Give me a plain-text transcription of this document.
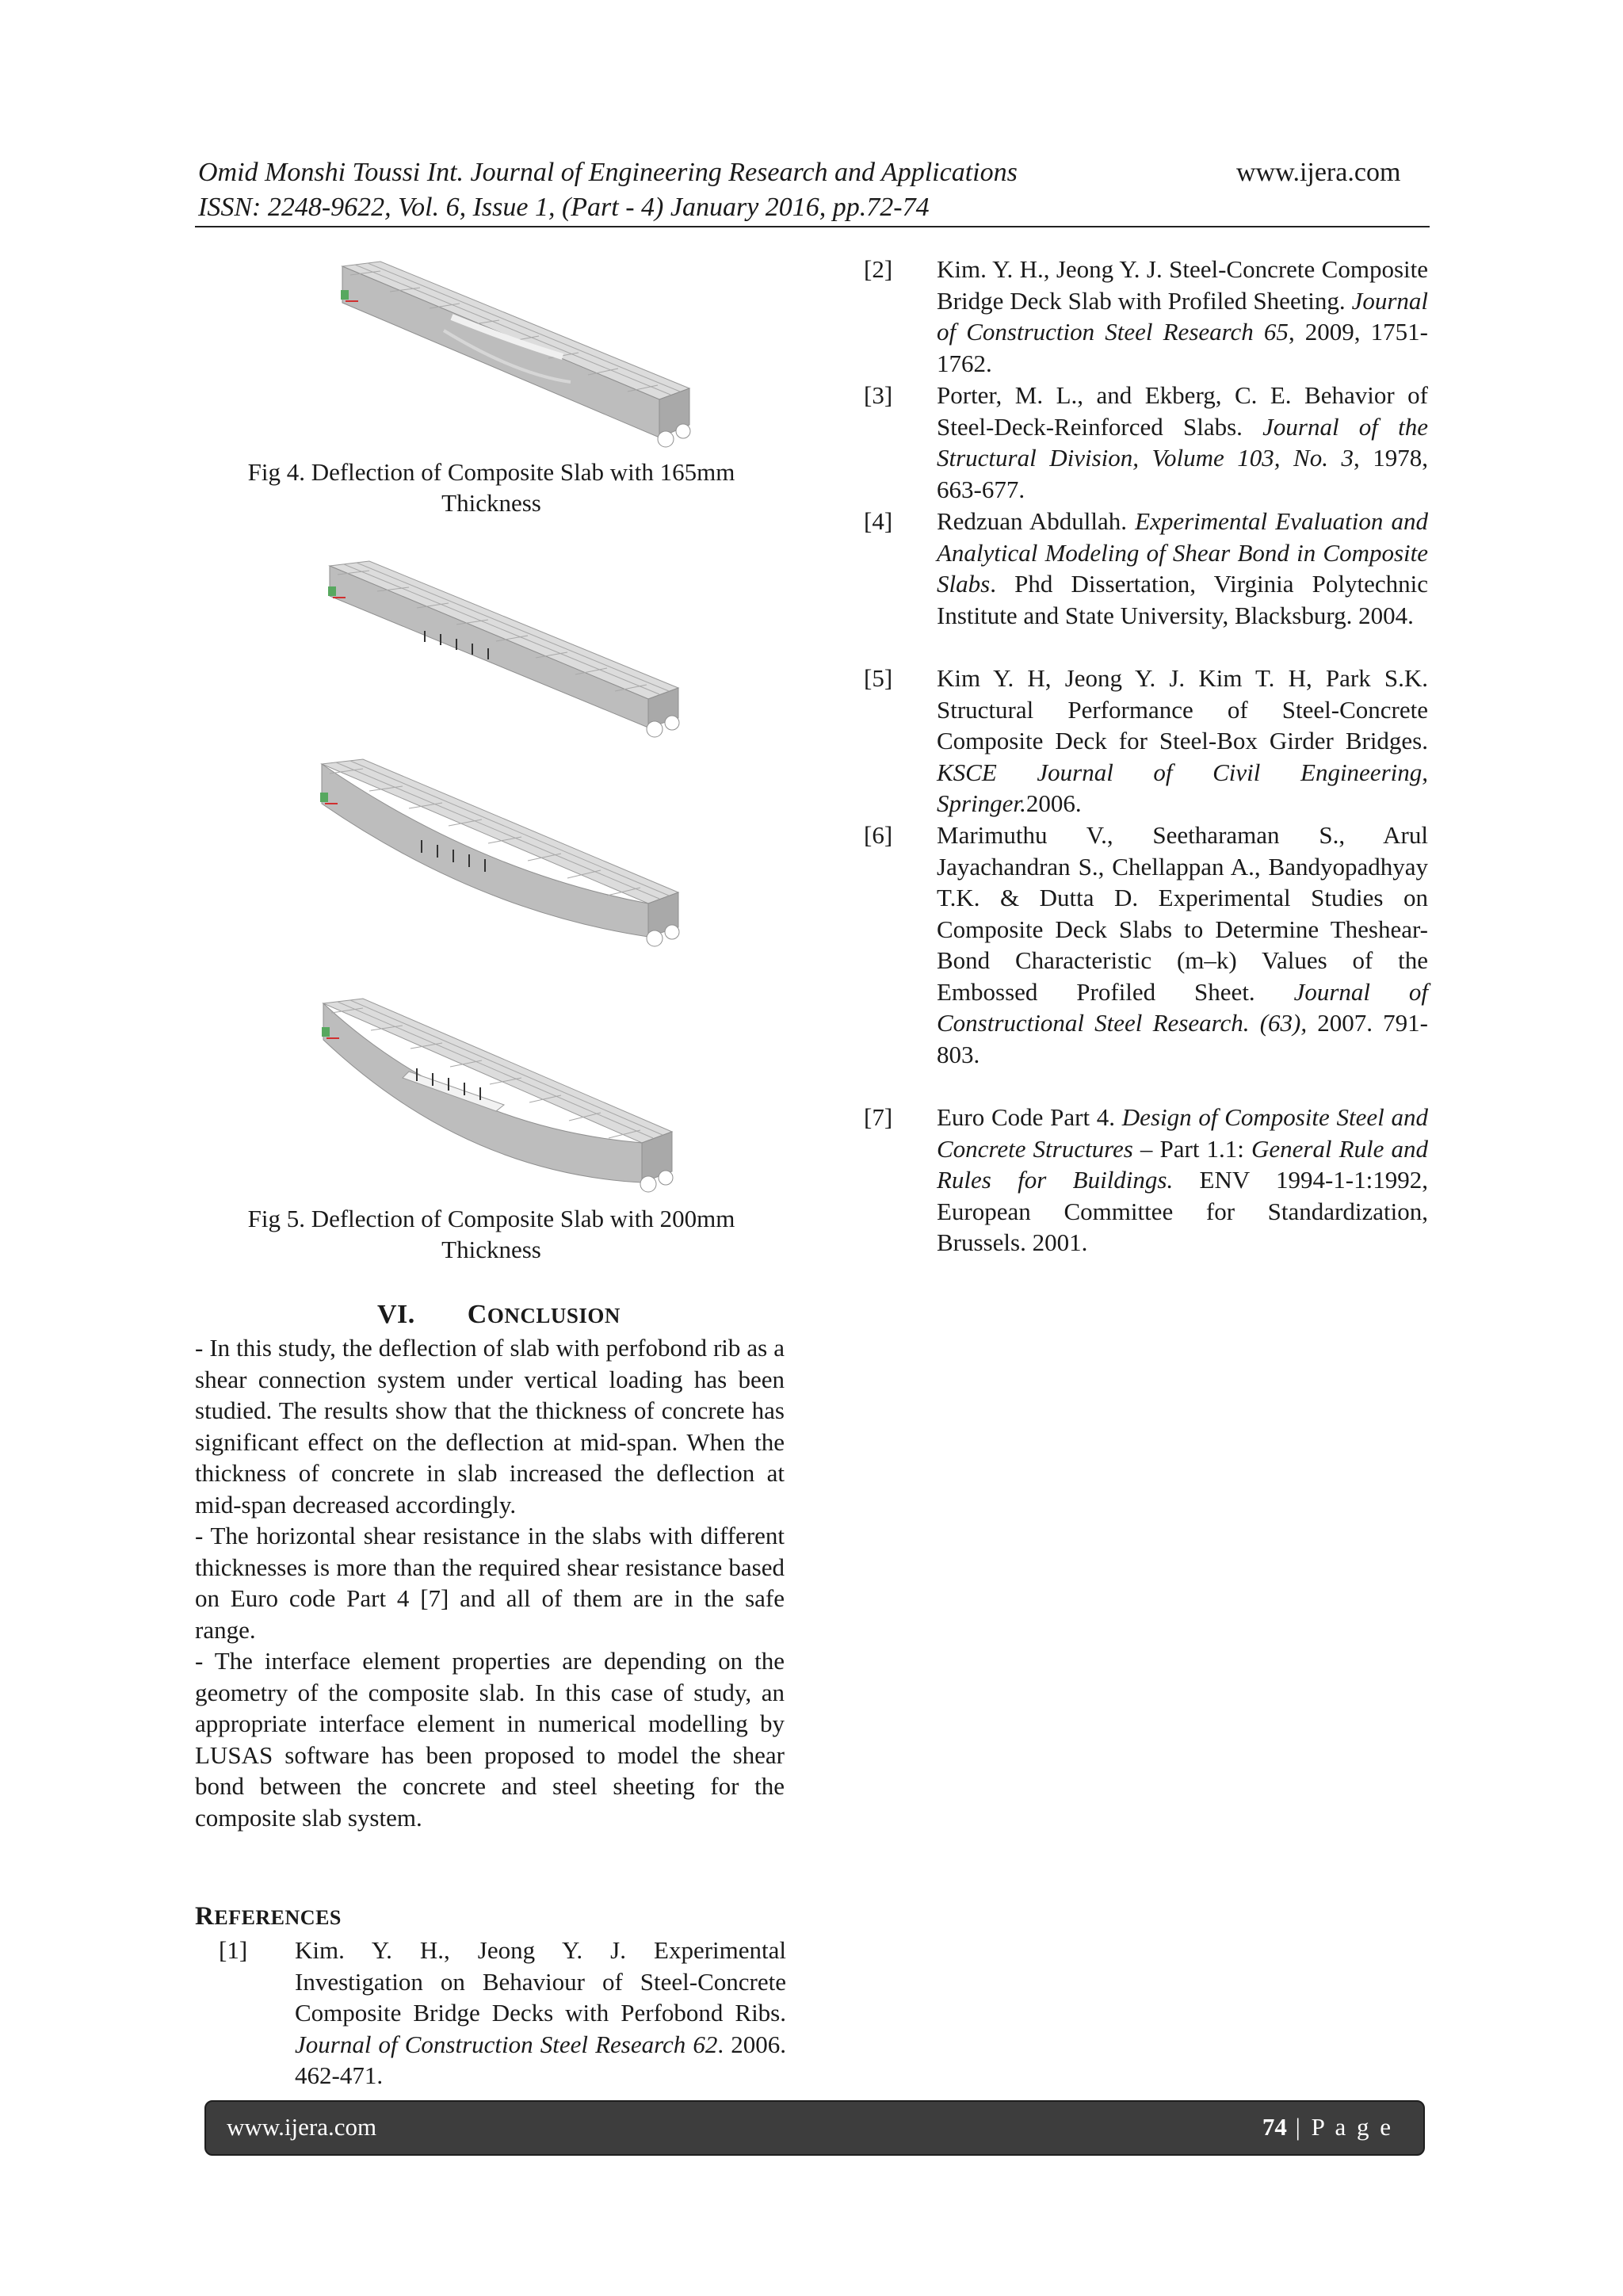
Omid Monshi Toussi Int. Journal of Engineering Research and Applications	www.ijera.com
ISSN: 2248-9622, Vol. 6, Issue 1, (Part - 4) January 2016, pp.72-74
Fig 4. Deflection of Composite Slab with 165mm
Thickness
Fig 5. Deflection of Composite Slab with 200mm
Thickness
VI. CONCLUSION

- In this study, the deflection of slab with perfobond rib as a shear connection system under vertical loading has been studied. The results show that the thickness of concrete has significant effect on the deflection at mid-span. When the thickness of concrete in slab increased the deflection at mid-span decreased accordingly.

- The horizontal shear resistance in the slabs with different thicknesses is more than the required shear resistance based on Euro code Part 4 [7] and all of them are in the safe range.

- The interface element properties are depending on the geometry of the composite slab. In this case of study, an appropriate interface element in numerical modelling by LUSAS software has been proposed to model the shear bond between the concrete and steel sheeting for the composite slab system.

REFERENCES
[1] Kim. Y. H., Jeong Y. J. Experimental Investigation on Behaviour of Steel-Concrete Composite Bridge Decks with Perfobond Ribs. Journal of Construction Steel Research 62. 2006. 462-471.
[2] Kim. Y. H., Jeong Y. J. Steel-Concrete Composite Bridge Deck Slab with Profiled Sheeting. Journal of Construction Steel Research 65, 2009, 1751-1762.
[3] Porter, M. L., and Ekberg, C. E. Behavior of Steel-Deck-Reinforced Slabs. Journal of the Structural Division, Volume 103, No. 3, 1978, 663-677.
[4] Redzuan Abdullah. Experimental Evaluation and Analytical Modeling of Shear Bond in Composite Slabs. Phd Dissertation, Virginia Polytechnic Institute and State University, Blacksburg. 2004.
[5] Kim Y. H, Jeong Y. J. Kim T. H, Park S.K. Structural Performance of Steel-Concrete Composite Deck for Steel-Box Girder Bridges. KSCE Journal of Civil Engineering, Springer.2006.
[6] Marimuthu V., Seetharaman S., Arul Jayachandran S., Chellappan A., Bandyopadhyay T.K. & Dutta D. Experimental Studies on Composite Deck Slabs to Determine Theshear-Bond Characteristic (m–k) Values of the Embossed Profiled Sheet. Journal of Constructional Steel Research. (63), 2007. 791-803.
[7] Euro Code Part 4. Design of Composite Steel and Concrete Structures – Part 1.1: General Rule and Rules for Buildings. ENV 1994-1-1:1992, European Committee for Standardization, Brussels. 2001.
www.ijera.com	74 | P a g e
